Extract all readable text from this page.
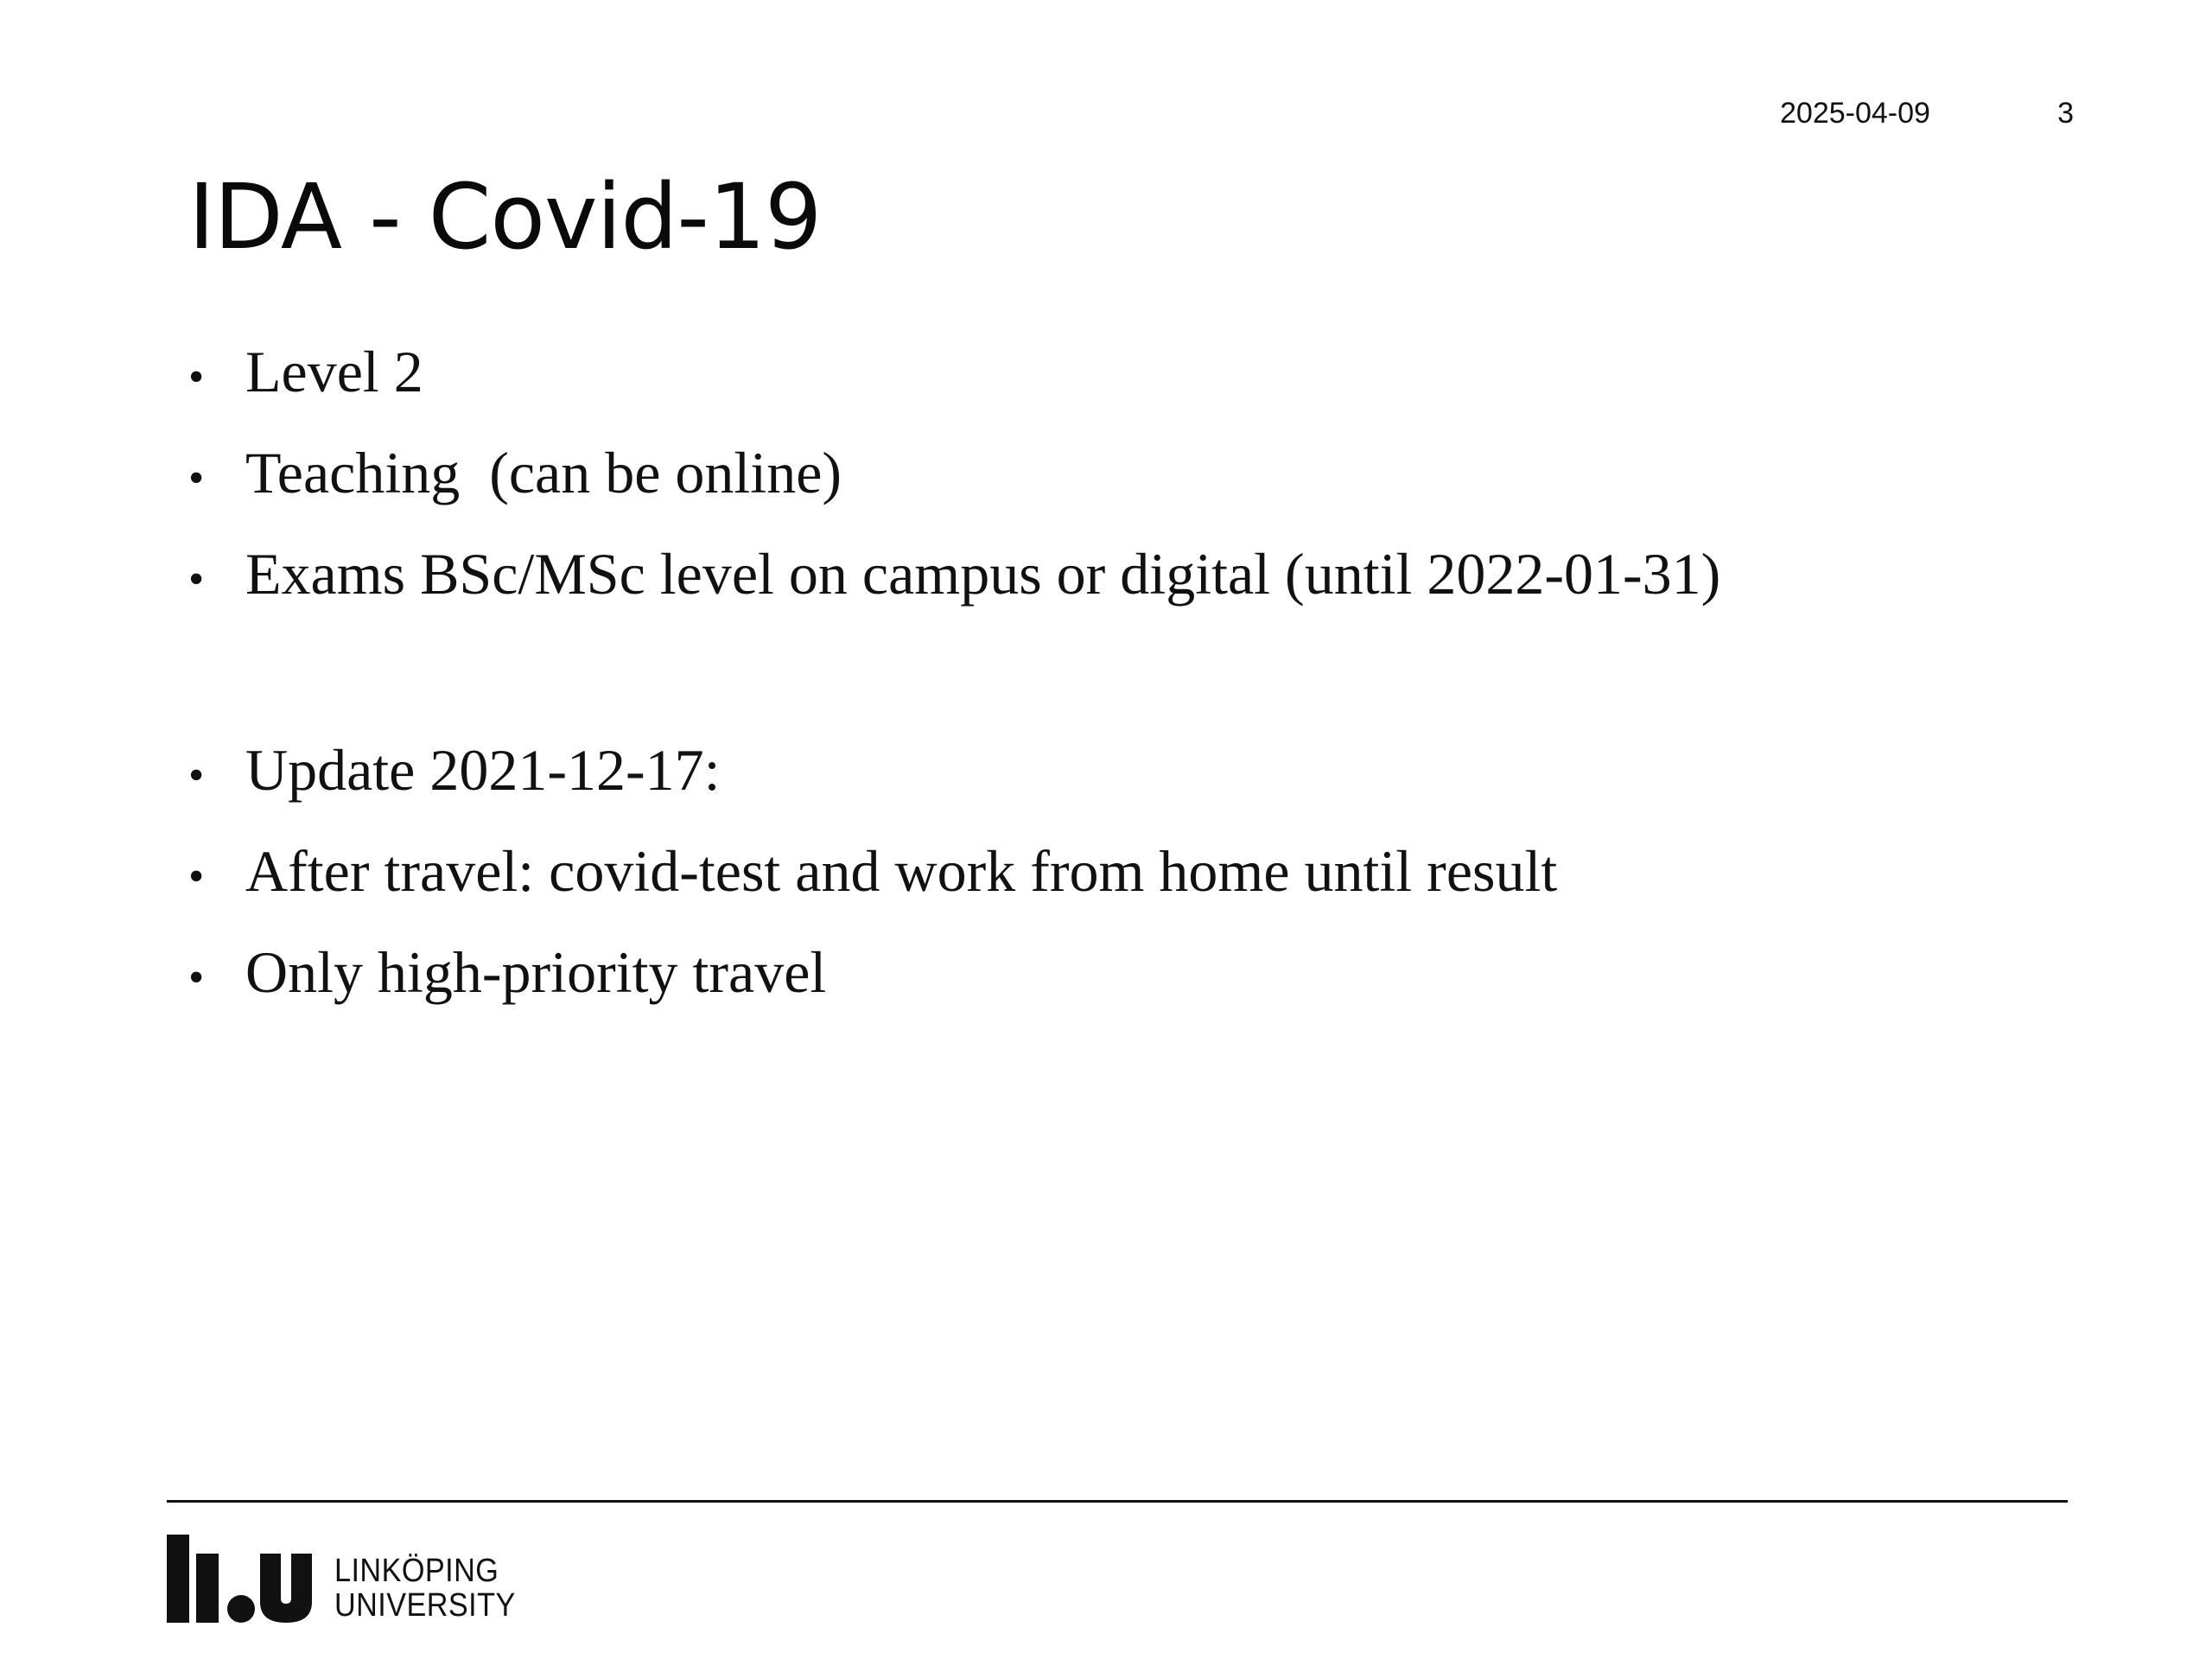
2025-04-09	3
IDA - Covid-19
• Level 2
• Teaching  (can be online)
• Exams BSc/MSc level on campus or digital (until 2022-01-31)
• Update 2021-12-17:
• After travel: covid-test and work from home until result
• Only high-priority travel
LINKÖPING
UNIVERSITY
